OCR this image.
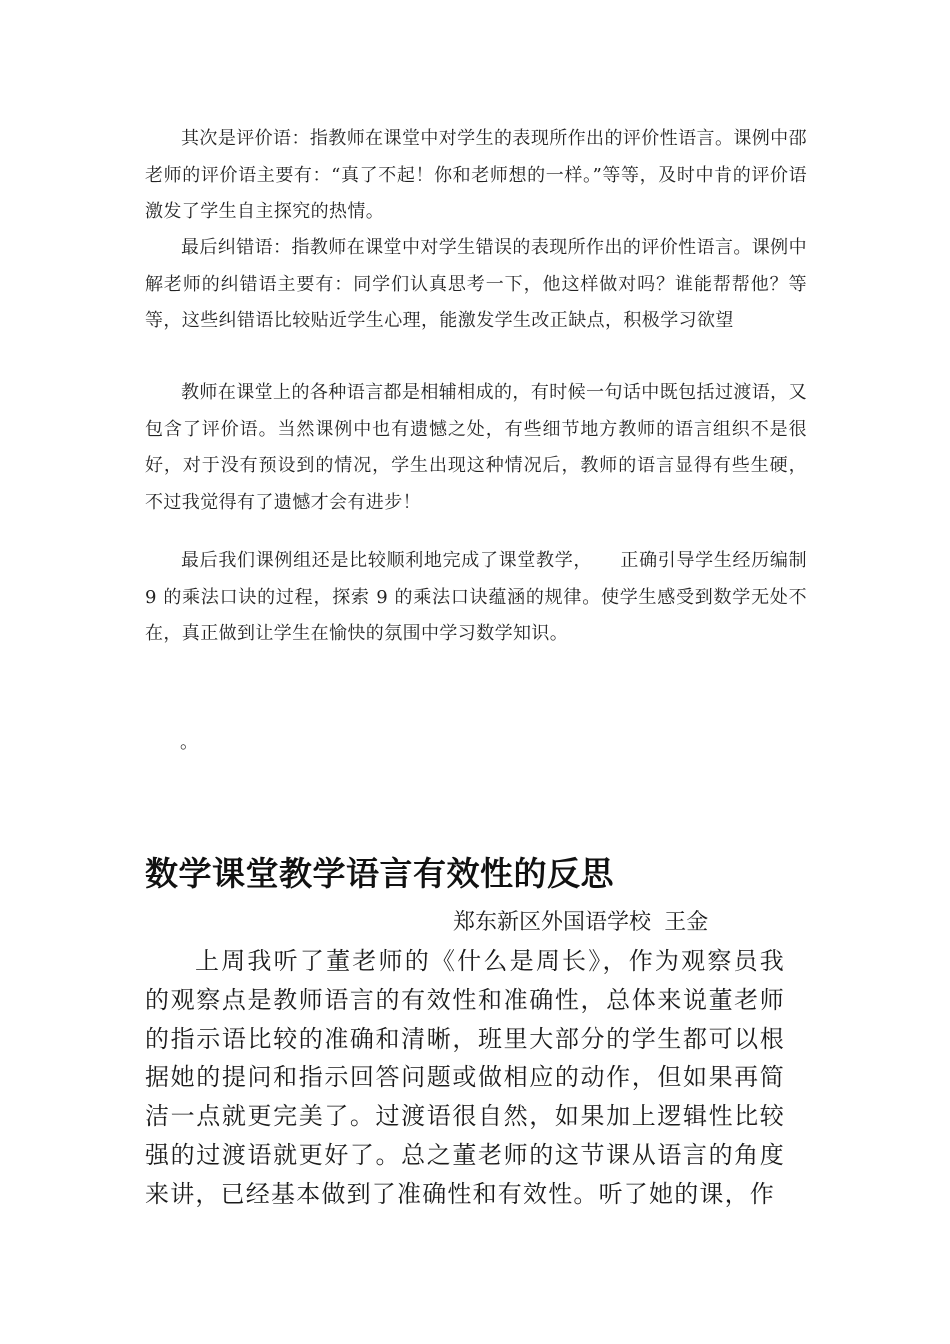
其次是评价语：指教师在课堂中对学生的表现所作出的评价性语言。课例中邵老师的评价语主要有：“真了不起！你和老师想的一样。”等等，及时中肯的评价语激发了学生自主探究的热情。

最后纠错语：指教师在课堂中对学生错误的表现所作出的评价性语言。课例中解老师的纠错语主要有：同学们认真思考一下，他这样做对吗？谁能帮帮他？等等，这些纠错语比较贴近学生心理，能激发学生改正缺点，积极学习欲望

教师在课堂上的各种语言都是相辅相成的，有时候一句话中既包括过渡语，又包含了评价语。当然课例中也有遗憾之处，有些细节地方教师的语言组织不是很好，对于没有预设到的情况，学生出现这种情况后，教师的语言显得有些生硬，不过我觉得有了遗憾才会有进步！

最后我们课例组还是比较顺利地完成了课堂教学，　　正确引导学生经历编制 9 的乘法口诀的过程，探索 9 的乘法口诀蕴涵的规律。使学生感受到数学无处不在，真正做到让学生在愉快的氛围中学习数学知识。

。

数学课堂教学语言有效性的反思

郑东新区外国语学校 王金

上周我听了董老师的《什么是周长》，作为观察员我的观察点是教师语言的有效性和准确性，总体来说董老师的指示语比较的准确和清晰，班里大部分的学生都可以根据她的提问和指示回答问题或做相应的动作，但如果再简洁一点就更完美了。过渡语很自然，如果加上逻辑性比较强的过渡语就更好了。总之董老师的这节课从语言的角度来讲，已经基本做到了准确性和有效性。听了她的课，作
